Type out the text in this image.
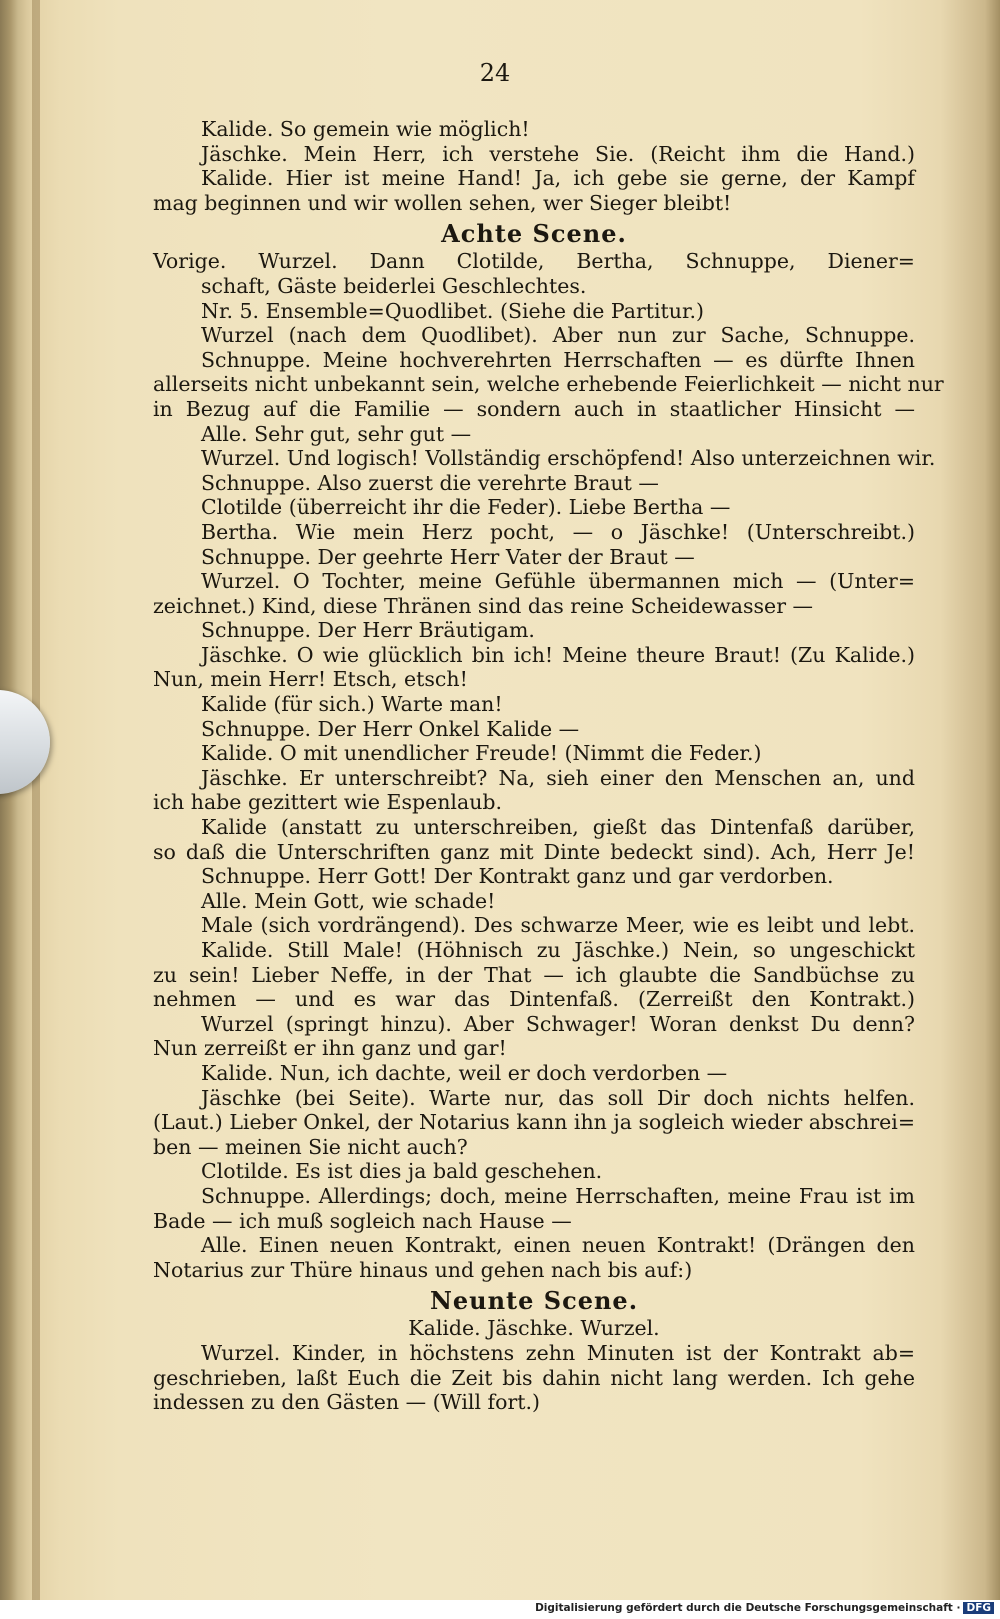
24
Kalide. So gemein wie möglich!
Jäschke. Mein Herr, ich verstehe Sie. (Reicht ihm die Hand.)
Kalide. Hier ist meine Hand! Ja, ich gebe sie gerne, der Kampf
mag beginnen und wir wollen sehen, wer Sieger bleibt!
Achte Scene.
Vorige. Wurzel. Dann Clotilde, Bertha, Schnuppe, Diener=
schaft, Gäste beiderlei Geschlechtes.
Nr. 5. Ensemble=Quodlibet. (Siehe die Partitur.)
Wurzel (nach dem Quodlibet). Aber nun zur Sache, Schnuppe.
Schnuppe. Meine hochverehrten Herrschaften — es dürfte Ihnen
allerseits nicht unbekannt sein, welche erhebende Feierlichkeit — nicht nur
in Bezug auf die Familie — sondern auch in staatlicher Hinsicht —
Alle. Sehr gut, sehr gut —
Wurzel. Und logisch! Vollständig erschöpfend! Also unterzeichnen wir.
Schnuppe. Also zuerst die verehrte Braut —
Clotilde (überreicht ihr die Feder). Liebe Bertha —
Bertha. Wie mein Herz pocht, — o Jäschke! (Unterschreibt.)
Schnuppe. Der geehrte Herr Vater der Braut —
Wurzel. O Tochter, meine Gefühle übermannen mich — (Unter=
zeichnet.) Kind, diese Thränen sind das reine Scheidewasser —
Schnuppe. Der Herr Bräutigam.
Jäschke. O wie glücklich bin ich! Meine theure Braut! (Zu Kalide.)
Nun, mein Herr! Etsch, etsch!
Kalide (für sich.) Warte man!
Schnuppe. Der Herr Onkel Kalide —
Kalide. O mit unendlicher Freude! (Nimmt die Feder.)
Jäschke. Er unterschreibt? Na, sieh einer den Menschen an, und
ich habe gezittert wie Espenlaub.
Kalide (anstatt zu unterschreiben, gießt das Dintenfaß darüber,
so daß die Unterschriften ganz mit Dinte bedeckt sind). Ach, Herr Je!
Schnuppe. Herr Gott! Der Kontrakt ganz und gar verdorben.
Alle. Mein Gott, wie schade!
Male (sich vordrängend). Des schwarze Meer, wie es leibt und lebt.
Kalide. Still Male! (Höhnisch zu Jäschke.) Nein, so ungeschickt
zu sein! Lieber Neffe, in der That — ich glaubte die Sandbüchse zu
nehmen — und es war das Dintenfaß. (Zerreißt den Kontrakt.)
Wurzel (springt hinzu). Aber Schwager! Woran denkst Du denn?
Nun zerreißt er ihn ganz und gar!
Kalide. Nun, ich dachte, weil er doch verdorben —
Jäschke (bei Seite). Warte nur, das soll Dir doch nichts helfen.
(Laut.) Lieber Onkel, der Notarius kann ihn ja sogleich wieder abschrei=
ben — meinen Sie nicht auch?
Clotilde. Es ist dies ja bald geschehen.
Schnuppe. Allerdings; doch, meine Herrschaften, meine Frau ist im
Bade — ich muß sogleich nach Hause —
Alle. Einen neuen Kontrakt, einen neuen Kontrakt! (Drängen den
Notarius zur Thüre hinaus und gehen nach bis auf:)
Neunte Scene.
Kalide. Jäschke. Wurzel.
Wurzel. Kinder, in höchstens zehn Minuten ist der Kontrakt ab=
geschrieben, laßt Euch die Zeit bis dahin nicht lang werden. Ich gehe
indessen zu den Gästen — (Will fort.)
Digitalisierung gefördert durch die Deutsche Forschungsgemeinschaft · DFG
